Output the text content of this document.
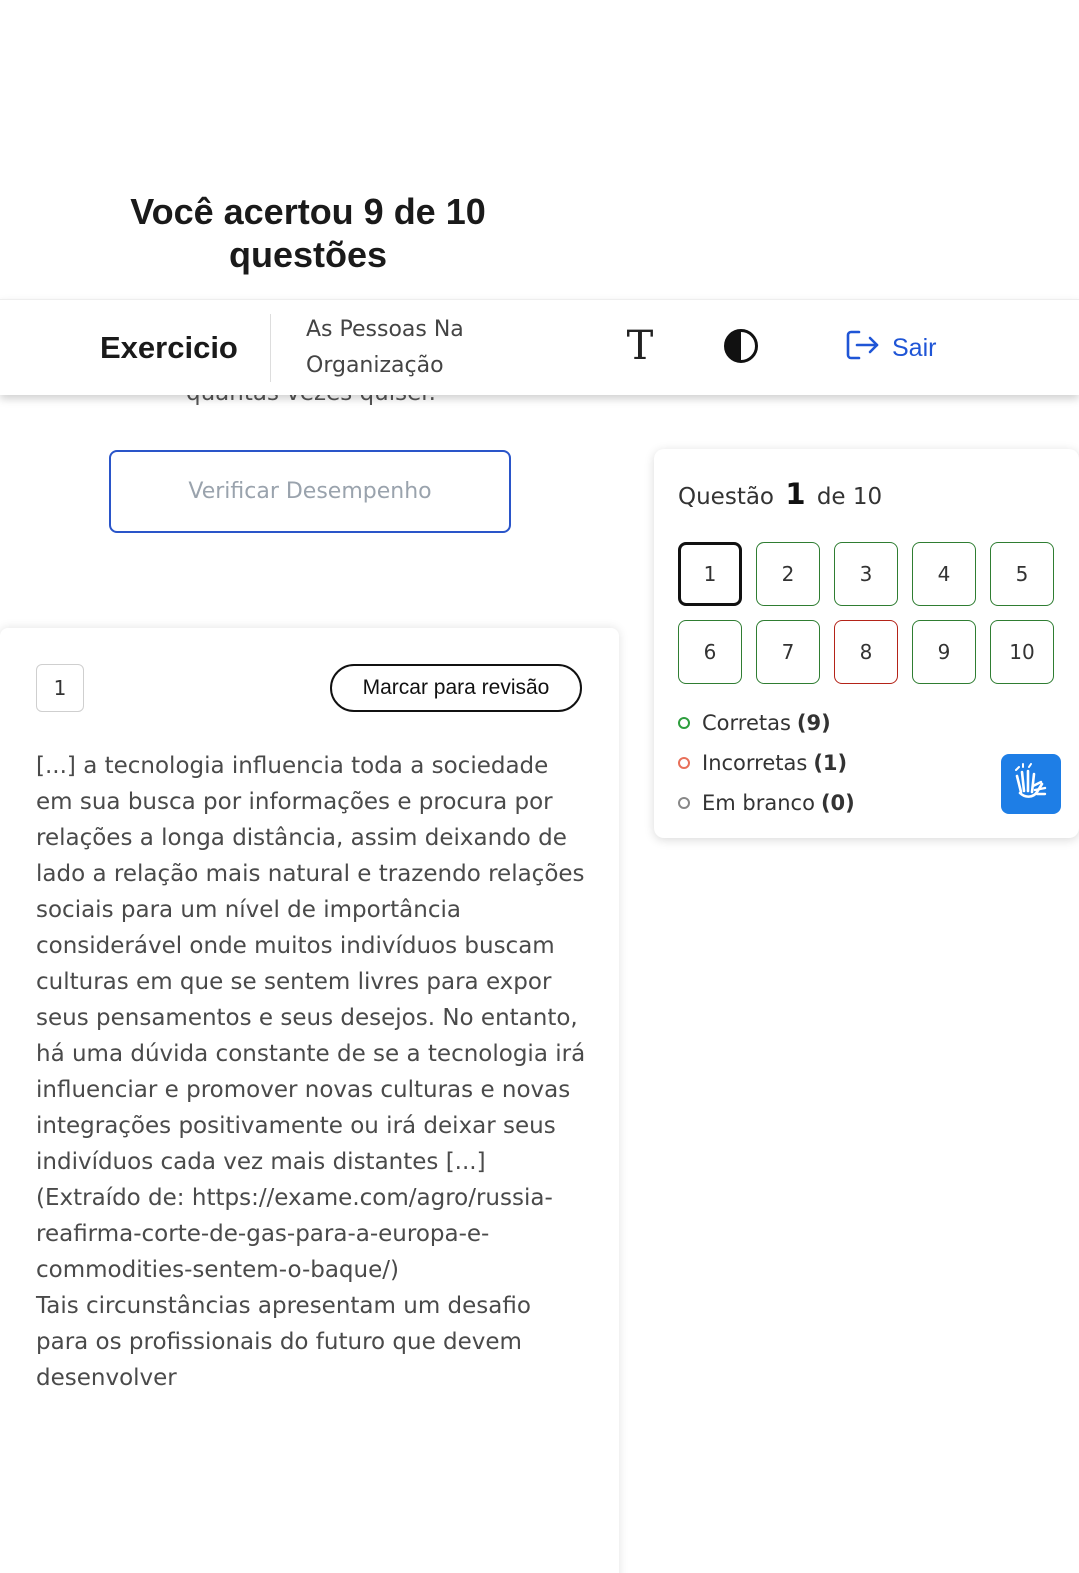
Você acertou 9 de 10 questões
Exercicio
As Pessoas Na Organização	T	Sair
Verificar Desempenho
1	Marcar para revisão
[...] a tecnologia influencia toda a sociedade em sua busca por informações e procura por relações a longa distância, assim deixando de lado a relação mais natural e trazendo relações sociais para um nível de importância considerável onde muitos indivíduos buscam culturas em que se sentem livres para expor seus pensamentos e seus desejos. No entanto, há uma dúvida constante de se a tecnologia irá influenciar e promover novas culturas e novas integrações positivamente ou irá deixar seus indivíduos cada vez mais distantes [...]
(Extraído de: https://exame.com/agro/russia-reafirma-corte-de-gas-para-a-europa-e-commodities-sentem-o-baque/)
Tais circunstâncias apresentam um desafio para os profissionais do futuro que devem desenvolver
Questão 1 de 10
1	2	3	4	5
6	7	8	9	10
Corretas (9)
Incorretas (1)
Em branco (0)
